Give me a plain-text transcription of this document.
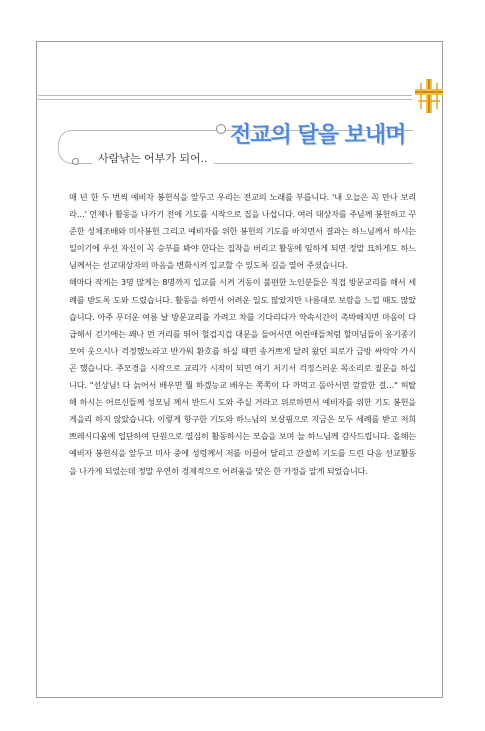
전교의 달을 보내며
사람낚는 어부가 되어..

매 년 한 두 번씩 예비자 봉헌식을 앞두고 우리는 전교의 노래를 부릅니다. '내 오늘은 꼭 만나 보리라…' 언제나 활동을 나가기 전에 기도를 시작으로 집을 나섭니다. 여러 대상자를 주님께 봉헌하고 꾸준한 성체조배와 미사봉헌 그리고 예비자를 위한 봉헌의 기도를 바치면서 결과는 하느님께서 하시는 일이기에 우선 자신이 꼭 승부를 봐야 한다는 집착을 버리고 활동에 임하게 되면 정말 묘하게도 하느님께서는 선교대상자의 마음을 변화시켜 입교할 수 있도록 길을 열어 주셨습니다.

해마다 작게는 3명 많게는 8명까지 입교를 시켜 거동이 불편한 노인분들은 직접 방문교리를 해서 세례를 받도록 도와 드렸습니다. 활동을 하면서 어려운 일도 많았지만 나름대로 보람을 느낄 때도 많았습니다. 아주 무더운 여름 날 방문교리를 가려고 차를 기다리다가 약속시간이 촉박해지면 마음이 다급해서 걷기에는 꽤나 먼 거리를 뛰어 헐겁지겁 대문을 들어서면 어린애들처럼 할머님들이 옹기종기 모여 웃으시나 걱정했노라고 반가워 환호를 하실 때면 송거쁘게 달려 왔던 피로가 금방 싸악악 가시곤 했습니다. 주모경을 시작으로 교리가 시작이 되면 여기 저기서 걱정스러운 목소리로 질문을 하십니다. "선상님! 다 늙어서 배우면 뭘 하겠능교 배우는 쪽쪽이 다 까먹고 돌아서면 깜깜한 걸…" 허탈해 하시는 어르신들께 성모님 께서 반드시 도와 주실 거라고 위로하면서 예비자를 위한 기도 봉헌을 게을리 하지 않았습니다. 이렇게 항구한 기도와 하느님의 보살핌으로 지금은 모두 세례를 받고 저희 쁘레시디움에 입단하여 단원으로 열심히 활동하시는 모습을 보며 늘 하느님께 감사드립니다. 올해는 예비자 봉헌식을 앞두고 미사 중에 성령께서 저를 이끌어 달리고 간절히 기도를 드린 다음 선교활동을 나가게 되었는데 정말 우연히 경제적으로 어려움을 맞은 한 가정을 알게 되었습니다.
